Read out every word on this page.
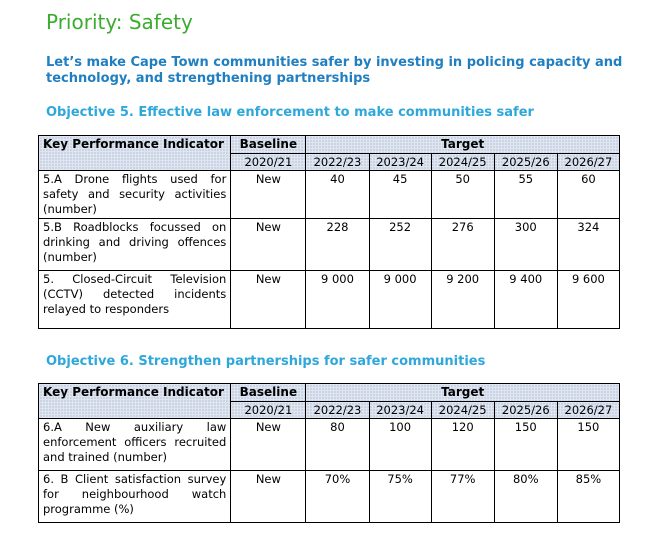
Priority: Safety

Let’s make Cape Town communities safer by investing in policing capacity and technology, and strengthening partnerships

Objective 5. Effective law enforcement to make communities safer

Key Performance Indicator	Baseline	Target				
	2020/21	2022/23	2023/24	2024/25	2025/26	2026/27
5.A Drone flights used for safety and security activities (number)	New	40	45	50	55	60
5.B Roadblocks focussed on drinking and driving offences (number)	New	228	252	276	300	324
5. Closed-Circuit Television (CCTV) detected incidents relayed to responders	New	9 000	9 000	9 200	9 400	9 600

Objective 6. Strengthen partnerships for safer communities

Key Performance Indicator	Baseline	Target				
	2020/21	2022/23	2023/24	2024/25	2025/26	2026/27
6.A New auxiliary law enforcement officers recruited and trained (number)	New	80	100	120	150	150
6. B Client satisfaction survey for neighbourhood watch programme (%)	New	70%	75%	77%	80%	85%
